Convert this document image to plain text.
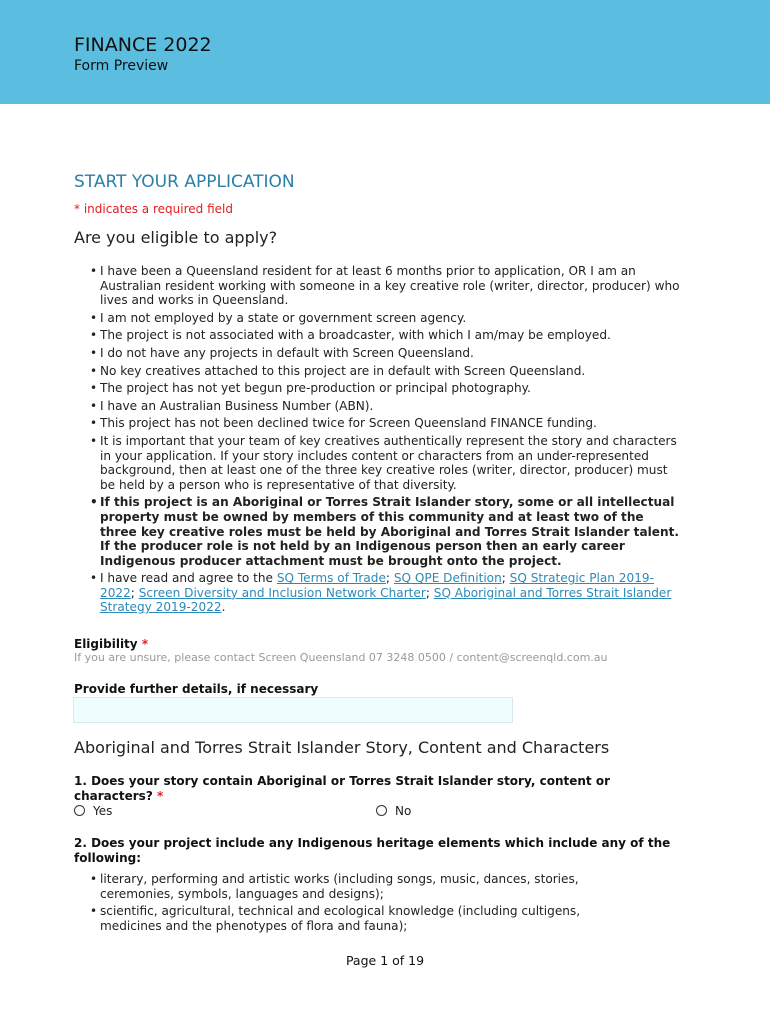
FINANCE 2022
Form Preview
START YOUR APPLICATION
* indicates a required field
Are you eligible to apply?
• I have been a Queensland resident for at least 6 months prior to application, OR I am an Australian resident working with someone in a key creative role (writer, director, producer) who lives and works in Queensland.
• I am not employed by a state or government screen agency.
• The project is not associated with a broadcaster, with which I am/may be employed.
• I do not have any projects in default with Screen Queensland.
• No key creatives attached to this project are in default with Screen Queensland.
• The project has not yet begun pre-production or principal photography.
• I have an Australian Business Number (ABN).
• This project has not been declined twice for Screen Queensland FINANCE funding.
• It is important that your team of key creatives authentically represent the story and characters in your application. If your story includes content or characters from an under-represented background, then at least one of the three key creative roles (writer, director, producer) must be held by a person who is representative of that diversity.
• If this project is an Aboriginal or Torres Strait Islander story, some or all intellectual property must be owned by members of this community and at least two of the three key creative roles must be held by Aboriginal and Torres Strait Islander talent. If the producer role is not held by an Indigenous person then an early career Indigenous producer attachment must be brought onto the project.
• I have read and agree to the SQ Terms of Trade; SQ QPE Definition; SQ Strategic Plan 2019-2022; Screen Diversity and Inclusion Network Charter; SQ Aboriginal and Torres Strait Islander Strategy 2019-2022.
Eligibility *
If you are unsure, please contact Screen Queensland 07 3248 0500 / content@screenqld.com.au
Provide further details, if necessary
Aboriginal and Torres Strait Islander Story, Content and Characters
1. Does your story contain Aboriginal or Torres Strait Islander story, content or characters? *
Yes	No
2. Does your project include any Indigenous heritage elements which include any of the following:
• literary, performing and artistic works (including songs, music, dances, stories, ceremonies, symbols, languages and designs);
• scientific, agricultural, technical and ecological knowledge (including cultigens, medicines and the phenotypes of flora and fauna);
Page 1 of 19
